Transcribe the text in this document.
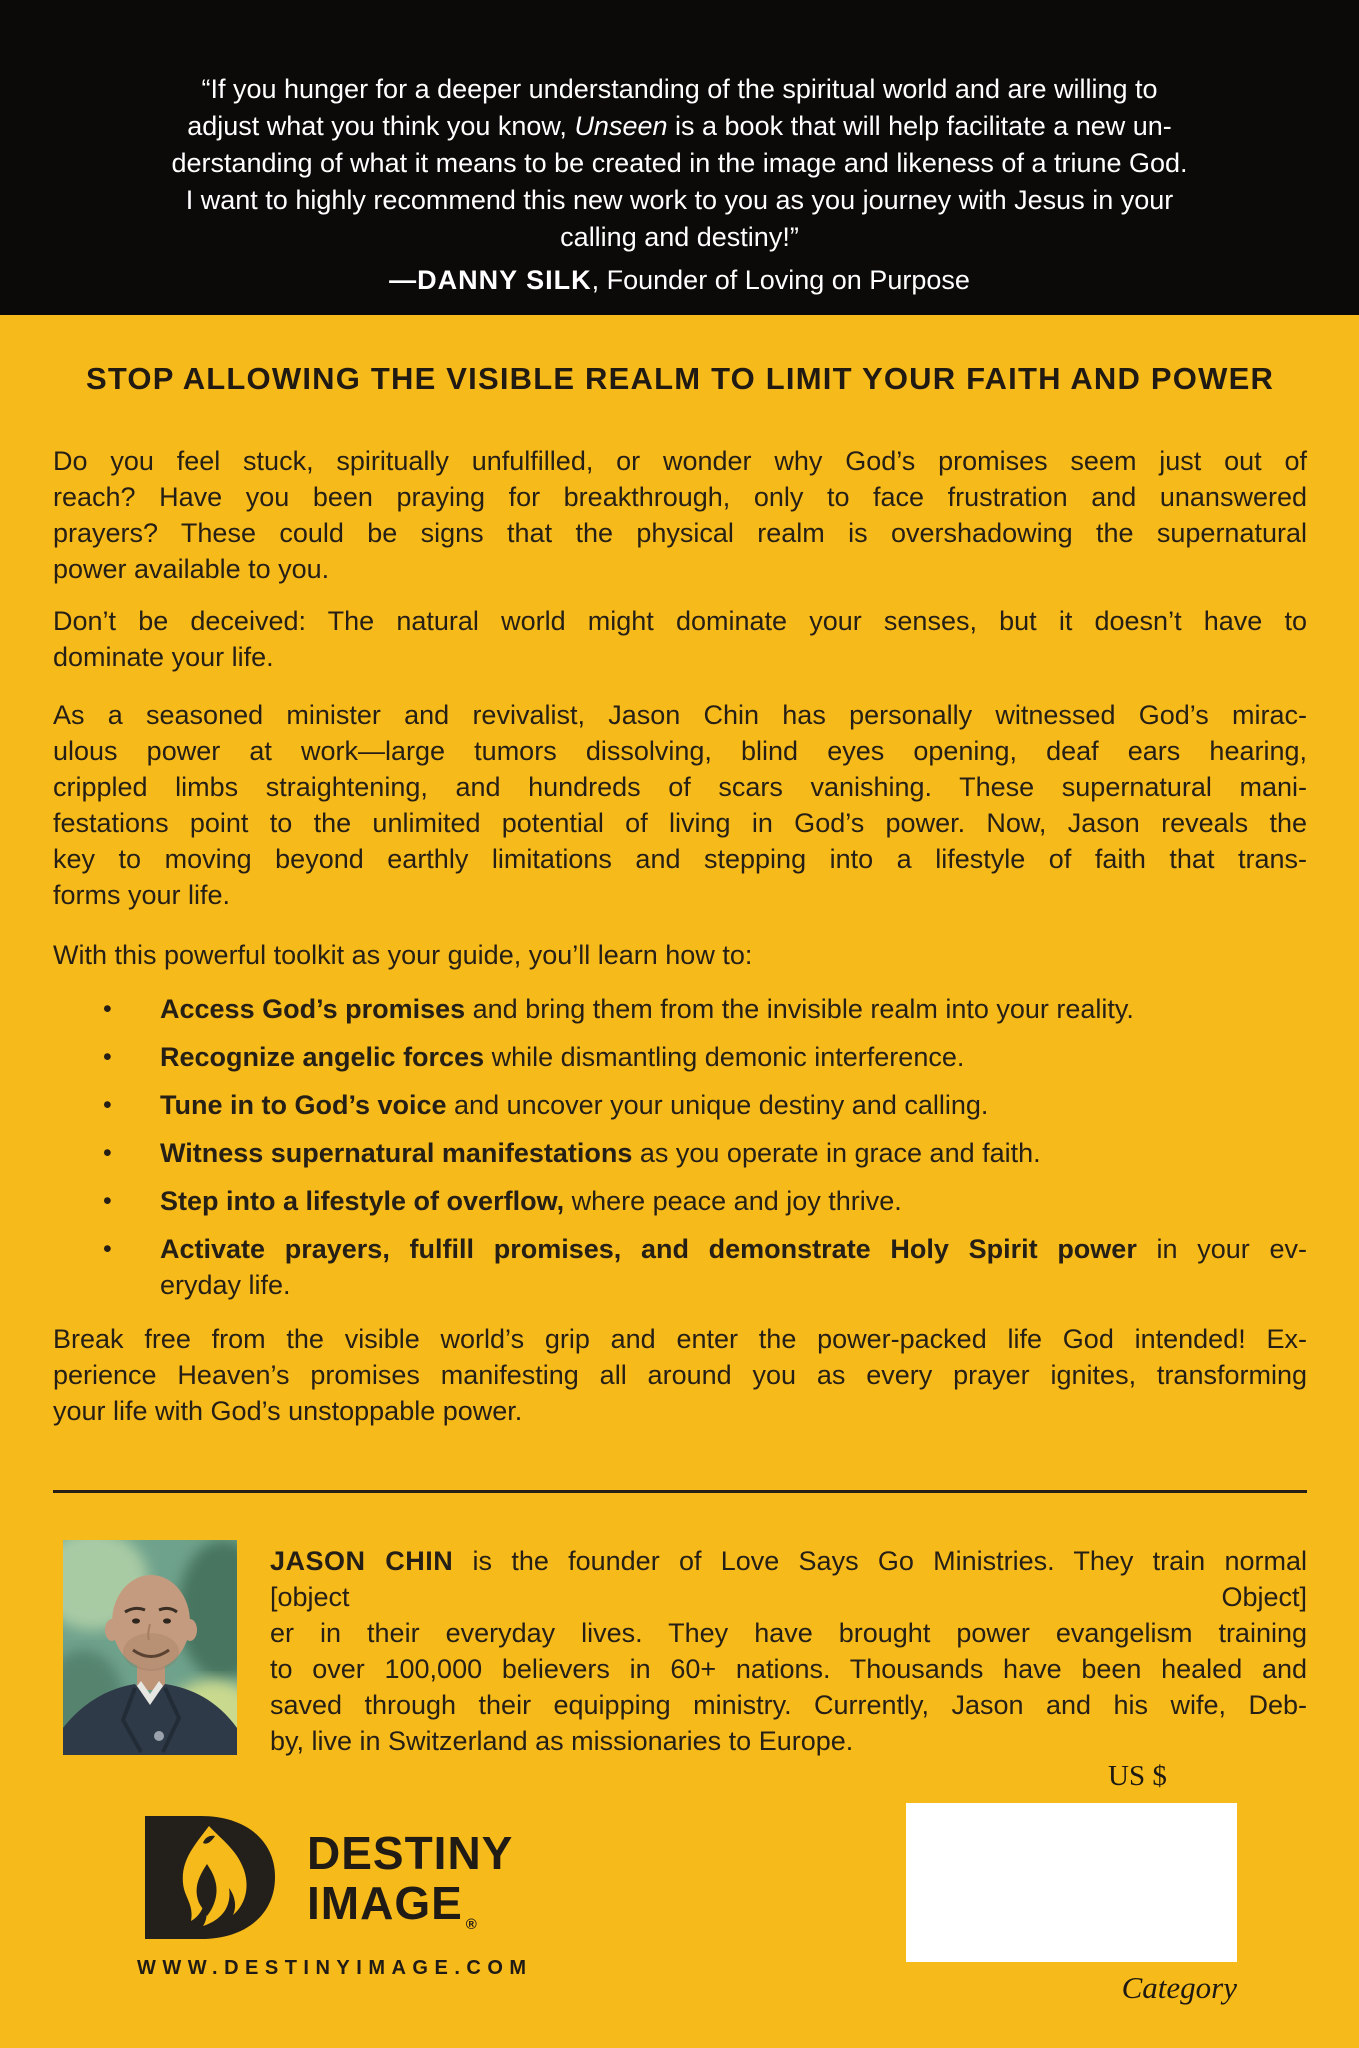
“If you hunger for a deeper understanding of the spiritual world and are willing to
adjust what you think you know, Unseen is a book that will help facilitate a new un-
derstanding of what it means to be created in the image and likeness of a triune God.
I want to highly recommend this new work to you as you journey with Jesus in your
calling and destiny!”
—DANNY SILK, Founder of Loving on Purpose
STOP ALLOWING THE VISIBLE REALM TO LIMIT YOUR FAITH AND POWER
Do you feel stuck, spiritually unfulfilled, or wonder why God’s promises seem just out of
reach? Have you been praying for breakthrough, only to face frustration and unanswered
prayers? These could be signs that the physical realm is overshadowing the supernatural
power available to you.
Don’t be deceived: The natural world might dominate your senses, but it doesn’t have to
dominate your life.
As a seasoned minister and revivalist, Jason Chin has personally witnessed God’s mirac-
ulous power at work—large tumors dissolving, blind eyes opening, deaf ears hearing,
crippled limbs straightening, and hundreds of scars vanishing. These supernatural mani-
festations point to the unlimited potential of living in God’s power. Now, Jason reveals the
key to moving beyond earthly limitations and stepping into a lifestyle of faith that trans-
forms your life.
With this powerful toolkit as your guide, you’ll learn how to:
• Access God’s promises and bring them from the invisible realm into your reality.
• Recognize angelic forces while dismantling demonic interference.
• Tune in to God’s voice and uncover your unique destiny and calling.
• Witness supernatural manifestations as you operate in grace and faith.
• Step into a lifestyle of overflow, where peace and joy thrive.
• Activate prayers, fulfill promises, and demonstrate Holy Spirit power in your ev-
eryday life.
Break free from the visible world’s grip and enter the power-packed life God intended! Ex-
perience Heaven’s promises manifesting all around you as every prayer ignites, transforming
your life with God’s unstoppable power.
JASON CHIN is the founder of Love Says Go Ministries. They train normal
[object Object]
er in their everyday lives. They have brought power evangelism training
to over 100,000 believers in 60+ nations. Thousands have been healed and
saved through their equipping ministry. Currently, Jason and his wife, Deb-
by, live in Switzerland as missionaries to Europe.
DESTINY
IMAGE $_®$
WWW.DESTINYIMAGE.COM
US $
Category
